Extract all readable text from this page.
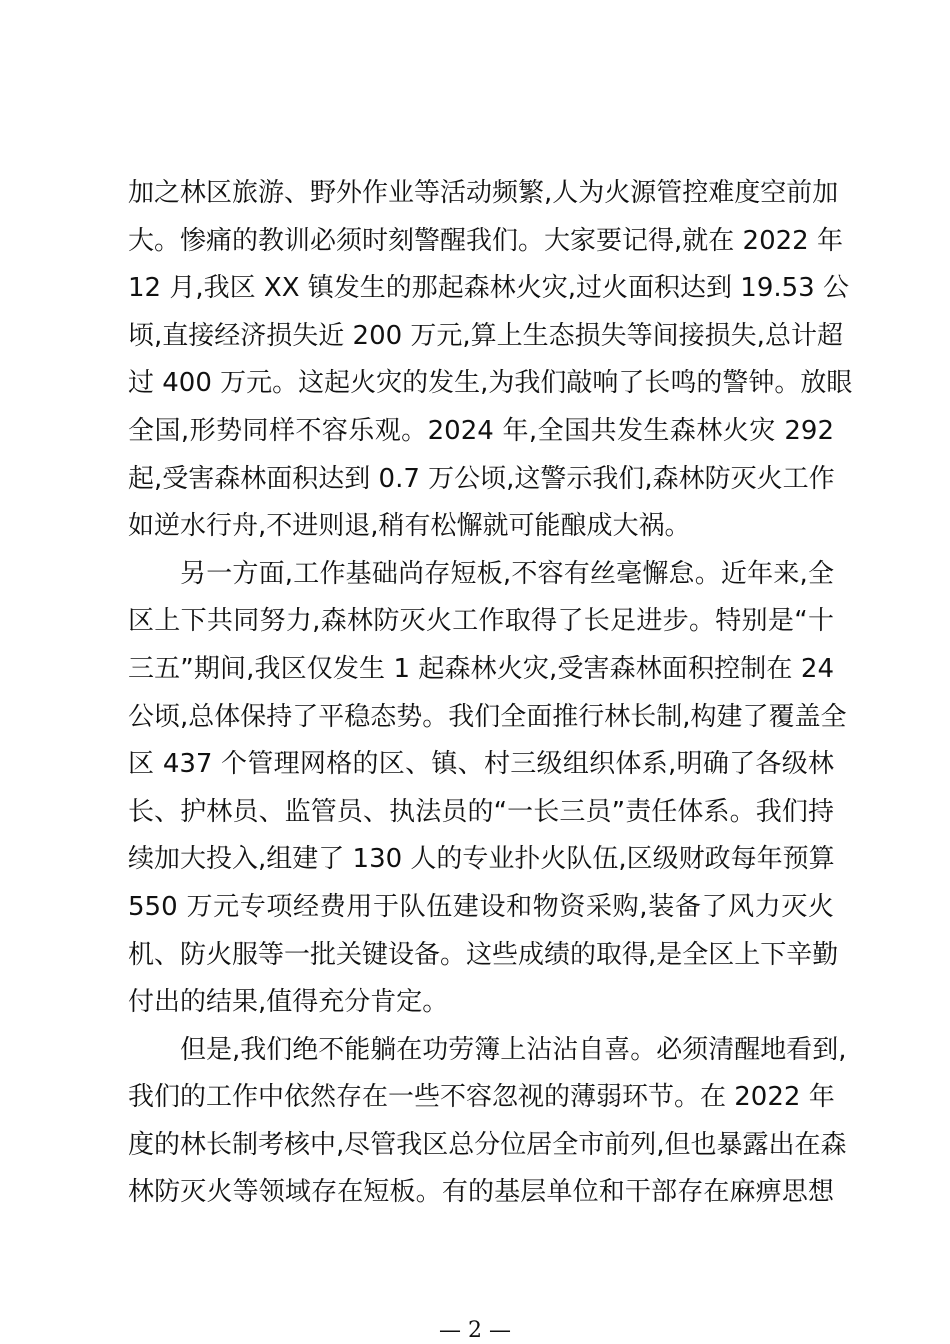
加之林区旅游、野外作业等活动频繁,人为火源管控难度空前加
大。惨痛的教训必须时刻警醒我们。大家要记得,就在 2022 年
12 月,我区 XX 镇发生的那起森林火灾,过火面积达到 19.53 公
顷,直接经济损失近 200 万元,算上生态损失等间接损失,总计超
过 400 万元。这起火灾的发生,为我们敲响了长鸣的警钟。放眼
全国,形势同样不容乐观。2024 年,全国共发生森林火灾 292
起,受害森林面积达到 0.7 万公顷,这警示我们,森林防灭火工作
如逆水行舟,不进则退,稍有松懈就可能酿成大祸。
另一方面,工作基础尚存短板,不容有丝毫懈怠。近年来,全
区上下共同努力,森林防灭火工作取得了长足进步。特别是“十
三五”期间,我区仅发生 1 起森林火灾,受害森林面积控制在 24
公顷,总体保持了平稳态势。我们全面推行林长制,构建了覆盖全
区 437 个管理网格的区、镇、村三级组织体系,明确了各级林
长、护林员、监管员、执法员的“一长三员”责任体系。我们持
续加大投入,组建了 130 人的专业扑火队伍,区级财政每年预算
550 万元专项经费用于队伍建设和物资采购,装备了风力灭火
机、防火服等一批关键设备。这些成绩的取得,是全区上下辛勤
付出的结果,值得充分肯定。
但是,我们绝不能躺在功劳簿上沾沾自喜。必须清醒地看到,
我们的工作中依然存在一些不容忽视的薄弱环节。在 2022 年
度的林长制考核中,尽管我区总分位居全市前列,但也暴露出在森
林防灭火等领域存在短板。有的基层单位和干部存在麻痹思想
— 2 —
